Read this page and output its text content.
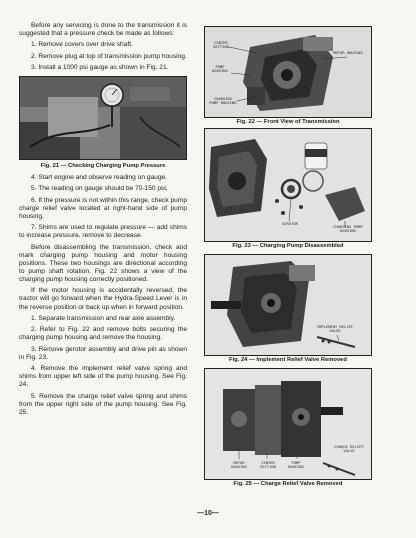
Before any servicing is done to the transmission it is suggested that a pressure check be made as follows:

1. Remove covers over drive shaft.

2. Remove plug at top of transmission pump housing.

3. Install a 1000 psi gauge as shown in Fig. 21.

Fig. 21 — Checking Charging Pump Pressure

4. Start engine and observe reading on gauge.

5. The reading on gauge should be 70-150 psi.

6. If the pressure is not within this range, check pump charge relief valve located at right-hand side of pump housing.

7. Shims are used to regulate pressure — add shims to increase pressure, remove to decrease.

Before disassembling the transmission, check and mark charging pump housing and motor housing positions. These two housings are directional according to pump shaft rotation. Fig. 22 shows a view of the charging pump housing correctly positioned.

If the motor housing is accidentally reversed, the tractor will go forward when the Hydra-Speed Lever is in the reverse position or back up when in forward position.

1. Separate transmission and rear axle assembly.

2. Refer to Fig. 22 and remove bolts securing the charging pump housing and remove the housing.

3. Remove gerotor assembly and drive pin as shown in Fig. 23.

4. Remove the implement relief valve spring and shims from upper left side of the pump housing. See Fig. 24.

5. Remove the charge relief valve spring and shims from the upper right side of the pump housing. See Fig. 25.

CENTER SECTION
MOTOR HOUSING
PUMP HOUSING
CHARGING PUMP HOUSING
Fig. 22 — Front View of Transmission
GEROTOR
CHARGING PUMP HOUSING
Fig. 23 — Charging Pump Disassembled
IMPLEMENT RELIEF VALVE
Fig. 24 — Implement Relief Valve Removed
MOTOR HOUSING
CENTER SECTION
PUMP HOUSING
CHARGE RELIEF VALVE
Fig. 25 — Charge Relief Valve Removed
—10—
